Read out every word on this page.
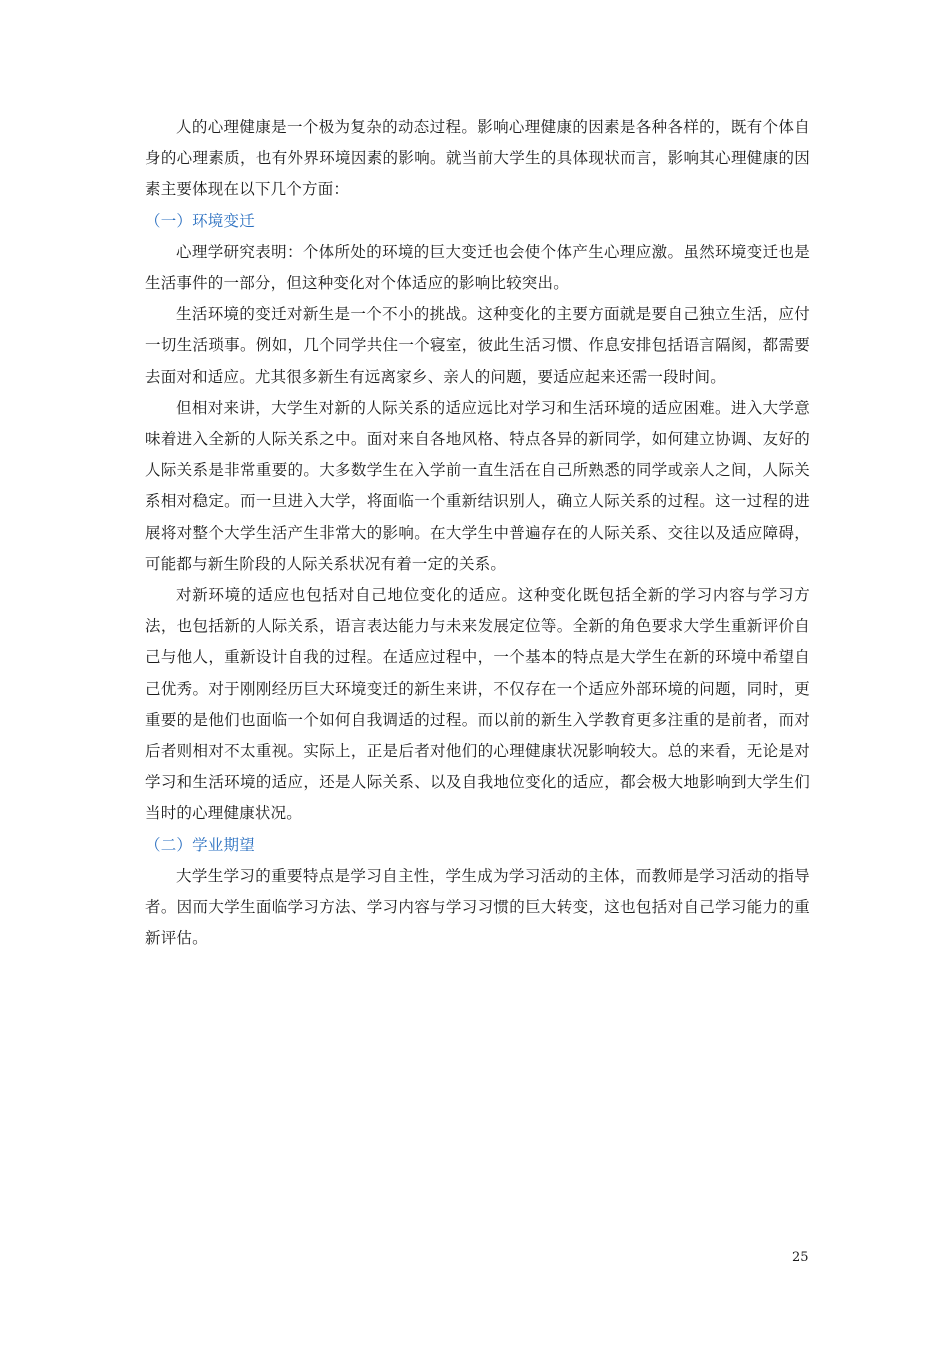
人的心理健康是一个极为复杂的动态过程。影响心理健康的因素是各种各样的，既有个体自身的心理素质，也有外界环境因素的影响。就当前大学生的具体现状而言，影响其心理健康的因素主要体现在以下几个方面：

（一）环境变迁

心理学研究表明：个体所处的环境的巨大变迁也会使个体产生心理应激。虽然环境变迁也是生活事件的一部分，但这种变化对个体适应的影响比较突出。

生活环境的变迁对新生是一个不小的挑战。这种变化的主要方面就是要自己独立生活，应付一切生活琐事。例如，几个同学共住一个寝室，彼此生活习惯、作息安排包括语言隔阂，都需要去面对和适应。尤其很多新生有远离家乡、亲人的问题，要适应起来还需一段时间。

但相对来讲，大学生对新的人际关系的适应远比对学习和生活环境的适应困难。进入大学意味着进入全新的人际关系之中。面对来自各地风格、特点各异的新同学，如何建立协调、友好的人际关系是非常重要的。大多数学生在入学前一直生活在自己所熟悉的同学或亲人之间，人际关系相对稳定。而一旦进入大学，将面临一个重新结识别人，确立人际关系的过程。这一过程的进展将对整个大学生活产生非常大的影响。在大学生中普遍存在的人际关系、交往以及适应障碍，可能都与新生阶段的人际关系状况有着一定的关系。

对新环境的适应也包括对自己地位变化的适应。这种变化既包括全新的学习内容与学习方法，也包括新的人际关系，语言表达能力与未来发展定位等。全新的角色要求大学生重新评价自己与他人，重新设计自我的过程。在适应过程中，一个基本的特点是大学生在新的环境中希望自己优秀。对于刚刚经历巨大环境变迁的新生来讲，不仅存在一个适应外部环境的问题，同时，更重要的是他们也面临一个如何自我调适的过程。而以前的新生入学教育更多注重的是前者，而对后者则相对不太重视。实际上，正是后者对他们的心理健康状况影响较大。总的来看，无论是对学习和生活环境的适应，还是人际关系、以及自我地位变化的适应，都会极大地影响到大学生们当时的心理健康状况。

（二）学业期望

大学生学习的重要特点是学习自主性，学生成为学习活动的主体，而教师是学习活动的指导者。因而大学生面临学习方法、学习内容与学习习惯的巨大转变，这也包括对自己学习能力的重新评估。

25
